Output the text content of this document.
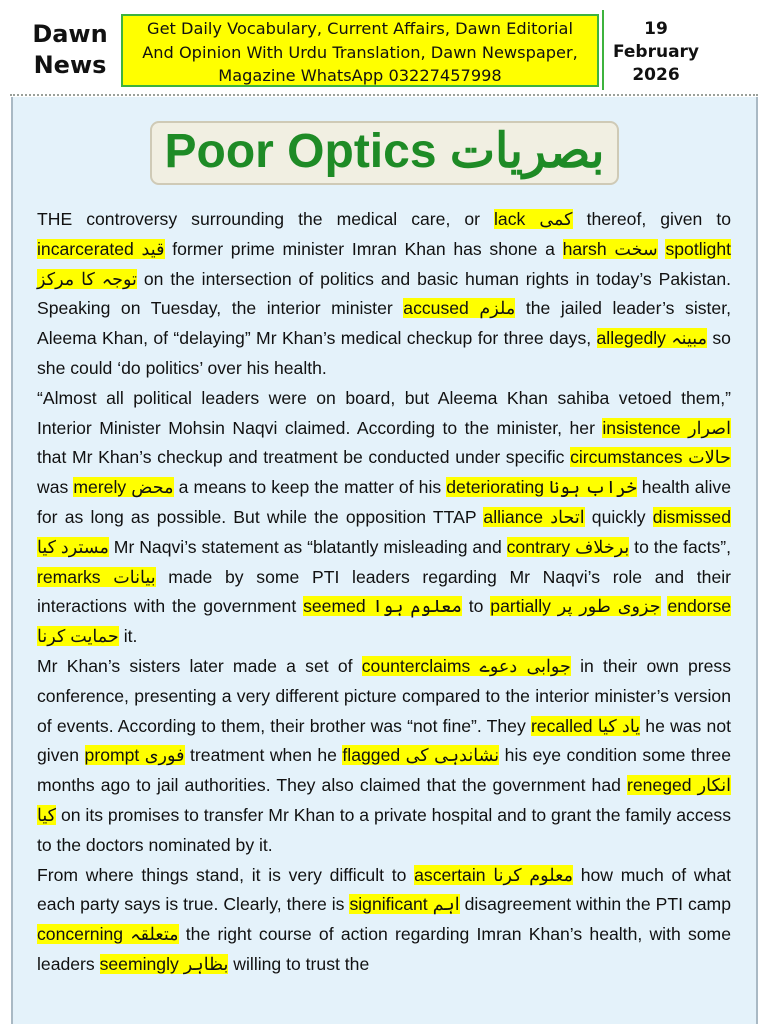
Dawn
News
Get Daily Vocabulary, Current Affairs, Dawn Editorial
And Opinion With Urdu Translation, Dawn Newspaper,
Magazine WhatsApp 03227457998
19
February
2026
Poor Optics بصریات

THE controversy surrounding the medical care, or lack کمی thereof, given to incarcerated قید former prime minister Imran Khan has shone a harsh سخت spotlight توجہ کا مرکز on the intersection of politics and basic human rights in today’s Pakistan. Speaking on Tuesday, the interior minister accused ملزم the jailed leader’s sister, Aleema Khan, of “delaying” Mr Khan’s medical checkup for three days, allegedly مبینہ so she could ‘do politics’ over his health.

“Almost all political leaders were on board, but Aleema Khan sahiba vetoed them,” Interior Minister Mohsin Naqvi claimed. According to the minister, her insistence اصرار that Mr Khan’s checkup and treatment be conducted under specific circumstances حالات was merely محض a means to keep the matter of his deteriorating خراب ہونا health alive for as long as possible. But while the opposition TTAP alliance اتحاد quickly dismissed مسترد کیا Mr Naqvi’s statement as “blatantly misleading and contrary برخلاف to the facts”, remarks بیانات made by some PTI leaders regarding Mr Naqvi’s role and their interactions with the government seemed معلوم ہوا to partially جزوی طور پر endorse حمایت کرنا it.

Mr Khan’s sisters later made a set of counterclaims جوابی دعوے in their own press conference, presenting a very different picture compared to the interior minister’s version of events. According to them, their brother was “not fine”. They recalled یاد کیا he was not given prompt فوری treatment when he flagged نشاندہی کی his eye condition some three months ago to jail authorities. They also claimed that the government had reneged انکار کیا on its promises to transfer Mr Khan to a private hospital and to grant the family access to the doctors nominated by it.

From where things stand, it is very difficult to ascertain معلوم کرنا how much of what each party says is true. Clearly, there is significant اہم disagreement within the PTI camp concerning متعلقہ the right course of action regarding Imran Khan’s health, with some leaders seemingly بظاہر willing to trust the
